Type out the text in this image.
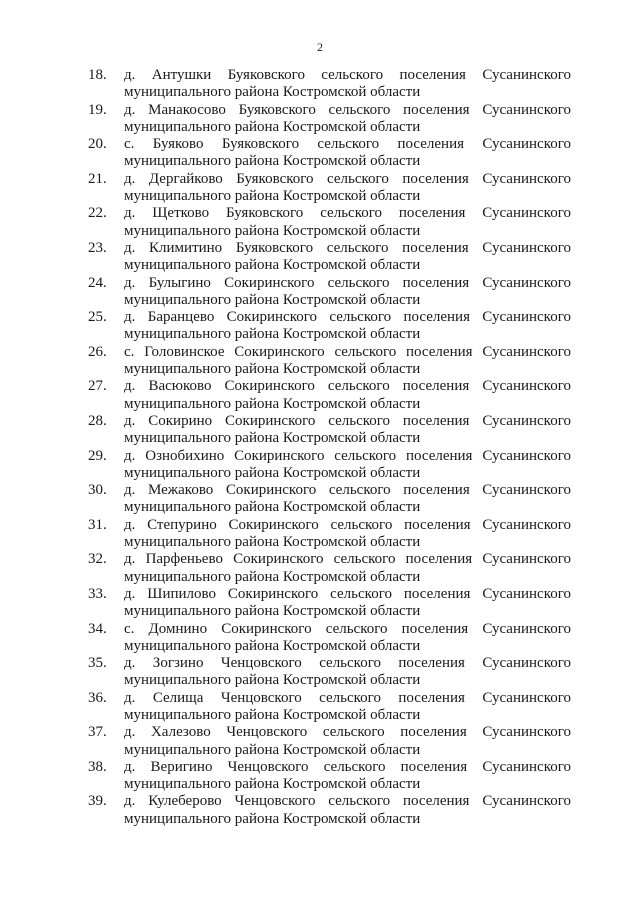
2
18.	д. Антушки Буяковского сельского поселения Сусанинского
муниципального района Костромской области
19.	д. Манакосово Буяковского сельского поселения Сусанинского
муниципального района Костромской области
20.	с. Буяково Буяковского сельского поселения Сусанинского
муниципального района Костромской области
21.	д. Дергайково Буяковского сельского поселения Сусанинского
муниципального района Костромской области
22.	д. Щетково Буяковского сельского поселения Сусанинского
муниципального района Костромской области
23.	д. Климитино Буяковского сельского поселения Сусанинского
муниципального района Костромской области
24.	д. Булыгино Сокиринского сельского поселения Сусанинского
муниципального района Костромской области
25.	д. Баранцево Сокиринского сельского поселения Сусанинского
муниципального района Костромской области
26.	с. Головинское Сокиринского сельского поселения Сусанинского
муниципального района Костромской области
27.	д. Васюково Сокиринского сельского поселения Сусанинского
муниципального района Костромской области
28.	д. Сокирино Сокиринского сельского поселения Сусанинского
муниципального района Костромской области
29.	д. Ознобихино Сокиринского сельского поселения Сусанинского
муниципального района Костромской области
30.	д. Межаково Сокиринского сельского поселения Сусанинского
муниципального района Костромской области
31.	д. Степурино Сокиринского сельского поселения Сусанинского
муниципального района Костромской области
32.	д. Парфеньево Сокиринского сельского поселения Сусанинского
муниципального района Костромской области
33.	д. Шипилово Сокиринского сельского поселения Сусанинского
муниципального района Костромской области
34.	с. Домнино Сокиринского сельского поселения Сусанинского
муниципального района Костромской области
35.	д. Зогзино Ченцовского сельского поселения Сусанинского
муниципального района Костромской области
36.	д. Селища Ченцовского сельского поселения Сусанинского
муниципального района Костромской области
37.	д. Халезово Ченцовского сельского поселения Сусанинского
муниципального района Костромской области
38.	д. Веригино Ченцовского сельского поселения Сусанинского
муниципального района Костромской области
39.	д. Кулеберово Ченцовского сельского поселения Сусанинского
муниципального района Костромской области
